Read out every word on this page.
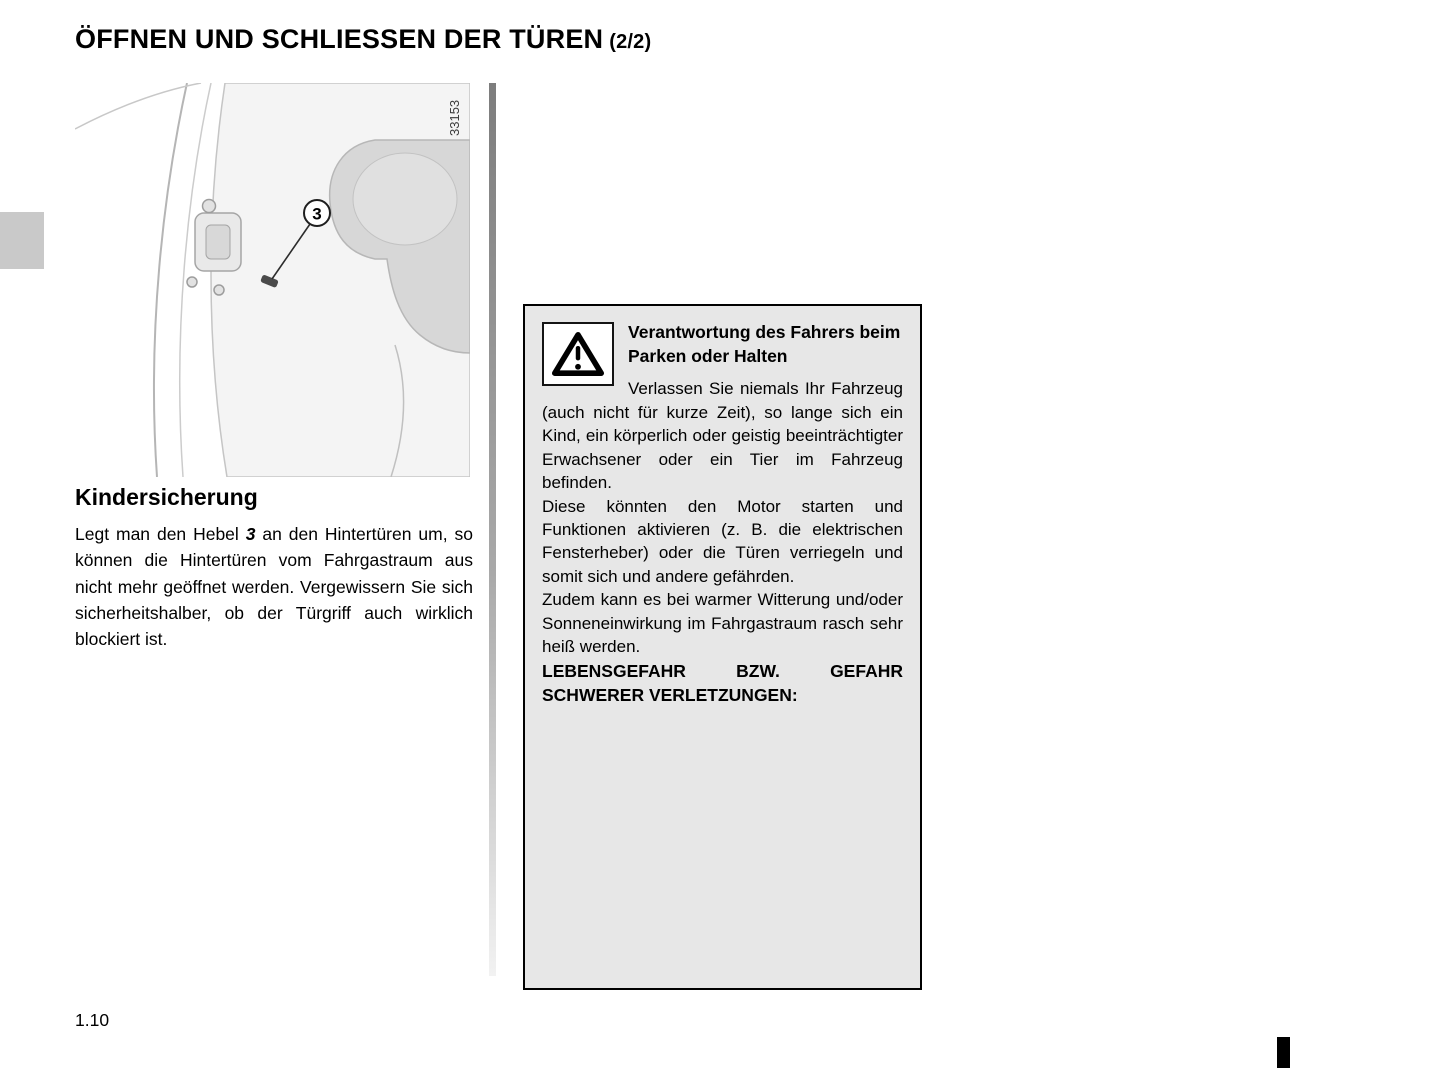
ÖFFNEN UND SCHLIESSEN DER TÜREN (2/2)
3
33153
Kindersicherung

Legt man den Hebel 3 an den Hintertüren um, so können die Hintertüren vom Fahrgastraum aus nicht mehr geöffnet werden. Vergewissern Sie sich sicherheitshalber, ob der Türgriff auch wirklich blockiert ist.

Verantwortung des Fahrers beim Parken oder Halten

Verlassen Sie niemals Ihr Fahrzeug (auch nicht für kurze Zeit), so lange sich ein Kind, ein körperlich oder geistig beeinträchtigter Erwachsener oder ein Tier im Fahrzeug befinden.

Diese könnten den Motor starten und Funktionen aktivieren (z. B. die elektrischen Fensterheber) oder die Türen verriegeln und somit sich und andere gefährden.

Zudem kann es bei warmer Witterung und/oder Sonneneinwirkung im Fahrgastraum rasch sehr heiß werden.

LEBENSGEFAHR BZW. GEFAHR
SCHWERER VERLETZUNGEN:

1.10
